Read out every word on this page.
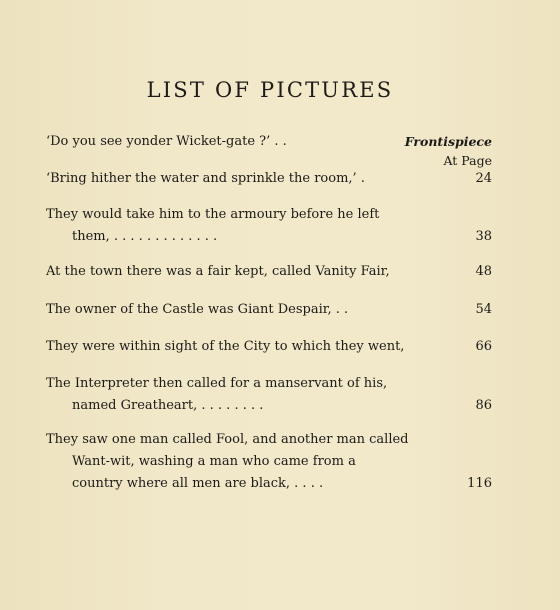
LIST OF PICTURES
At Page
‘Do you see yonder Wicket-gate ?’ . .	Frontispiece
‘Bring hither the water and sprinkle the room,’ .	24
They would take him to the armoury before he left
them, . . . . . . . . . . . . .	38
At the town there was a fair kept, called Vanity Fair,	48
The owner of the Castle was Giant Despair, . .	54
They were within sight of the City to which they went,	66
The Interpreter then called for a manservant of his,
named Greatheart, . . . . . . . .	86
They saw one man called Fool, and another man called
Want-wit, washing a man who came from a
country where all men are black, . . . .	116
